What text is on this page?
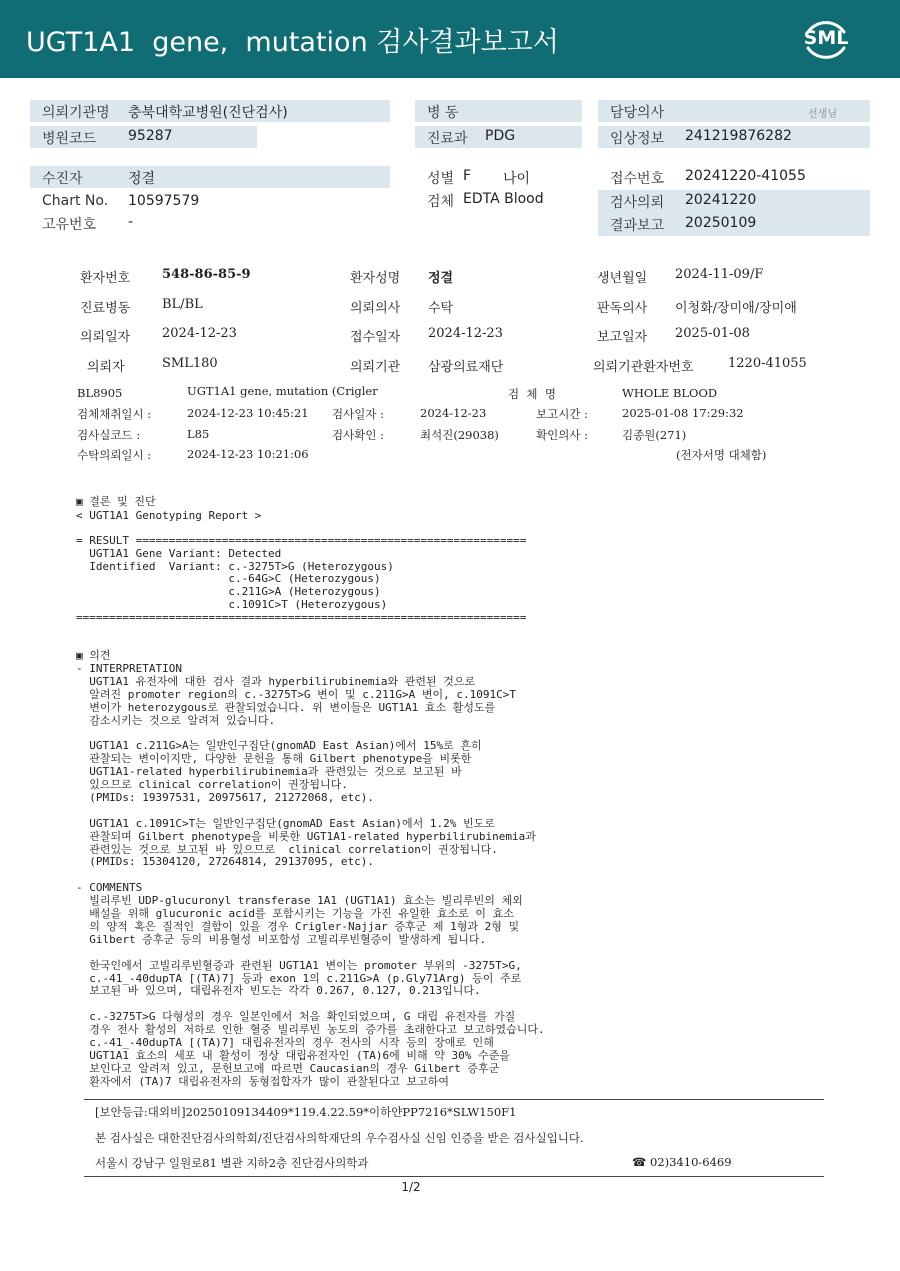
UGT1A1  gene,  mutation 검사결과보고서	SML
의뢰기관명 충북대학교병원(진단검사)
병원코드 95287
병 동
진료과 PDG
담당의사	선생님
임상정보 241219876282
수진자	정결
Chart No. 10597579
고유번호 -
성별 F 나이
검체 EDTA Blood
접수번호 20241220-41055
검사의뢰 20241220
결과보고 20250109
환자번호 548-86-85-9	환자성명 정결	생년월일 2024-11-09/F
진료병동 BL/BL	의뢰의사 수탁	판독의사 이청화/장미애/장미애
의뢰일자 2024-12-23	접수일자 2024-12-23	보고일자 2025-01-08
의뢰자	SML180	의뢰기관 삼광의료재단	의뢰기관환자번호	1220-41055
BL8905	UGT1A1 gene, mutation (Crigler	검  체  명	WHOLE BLOOD
검체채취일시 :	2024-12-23 10:45:21 검사일자 :	2024-12-23	보고시간 :	2025-01-08 17:29:32
검사실코드 :	L85	검사확인 :	최석진(29038)	확인의사 :	김종원(271)
수탁의뢰일시 :	2024-12-23 10:21:06	(전자서명 대체함)
▣ 결론 및 진단
< UGT1A1 Genotyping Report >
= RESULT ===========================================================
UGT1A1 Gene Variant: Detected
Identified  Variant: c.-3275T>G (Heterozygous)
c.-64G>C (Heterozygous)
c.211G>A (Heterozygous)
c.1091C>T (Heterozygous)
====================================================================
▣ 의견
- INTERPRETATION
UGT1A1 유전자에 대한 검사 결과 hyperbilirubinemia와 관련된 것으로
알려진 promoter region의 c.-3275T>G 변이 및 c.211G>A 변이, c.1091C>T
변이가 heterozygous로 관찰되었습니다. 위 변이들은 UGT1A1 효소 활성도를
감소시키는 것으로 알려져 있습니다.
UGT1A1 c.211G>A는 일반인구집단(gnomAD East Asian)에서 15%로 흔히
관찰되는 변이이지만, 다양한 문헌을 통해 Gilbert phenotype을 비롯한
UGT1A1-related hyperbilirubinemia과 관련있는 것으로 보고된 바
있으므로 clinical correlation이 권장됩니다.
(PMIDs: 19397531, 20975617, 21272068, etc).
UGT1A1 c.1091C>T는 일반인구집단(gnomAD East Asian)에서 1.2% 빈도로
관찰되며 Gilbert phenotype을 비롯한 UGT1A1-related hyperbilirubinemia과
관련있는 것으로 보고된 바 있으므로  clinical correlation이 권장됩니다.
(PMIDs: 15304120, 27264814, 29137095, etc).
- COMMENTS
빌리루빈 UDP-glucuronyl transferase 1A1 (UGT1A1) 효소는 빌리루빈의 체외
배설을 위해 glucuronic acid를 포함시키는 기능을 가진 유일한 효소로 이 효소
의 양적 혹은 질적인 결함이 있을 경우 Crigler-Najjar 증후군 제 1형과 2형 및
Gilbert 증후군 등의 비용혈성 비포합성 고빌리루빈혈증이 발생하게 됩니다.
한국인에서 고빌리루빈혈증과 관련된 UGT1A1 변이는 promoter 부위의 -3275T>G,
c.-41_-40dupTA [(TA)7] 등과 exon 1의 c.211G>A (p.Gly71Arg) 등이 주로
보고된 바 있으며, 대립유전자 빈도는 각각 0.267, 0.127, 0.213입니다.
c.-3275T>G 다형성의 경우 일본인에서 처음 확인되었으며, G 대립 유전자를 가질
경우 전사 활성의 저하로 인한 혈중 빌리루빈 농도의 증가를 초래한다고 보고하였습니다.
c.-41_-40dupTA [(TA)7] 대립유전자의 경우 전사의 시작 등의 장애로 인해
UGT1A1 효소의 세포 내 활성이 정상 대립유전자인 (TA)6에 비해 약 30% 수준을
보인다고 알려져 있고, 문헌보고에 따르면 Caucasian의 경우 Gilbert 증후군
환자에서 (TA)7 대립유전자의 동형접합자가 많이 관찰된다고 보고하여
[보안등급:대외비]20250109134409*119.4.22.59*이하얀PP7216*SLW150F1
본 검사실은 대한진단검사의학회/진단검사의학재단의 우수검사실 신임 인증을 받은 검사실입니다.
서울시 강남구 일원로81 별관 지하2층 진단검사의학과	☎ 02)3410-6469
1/2
